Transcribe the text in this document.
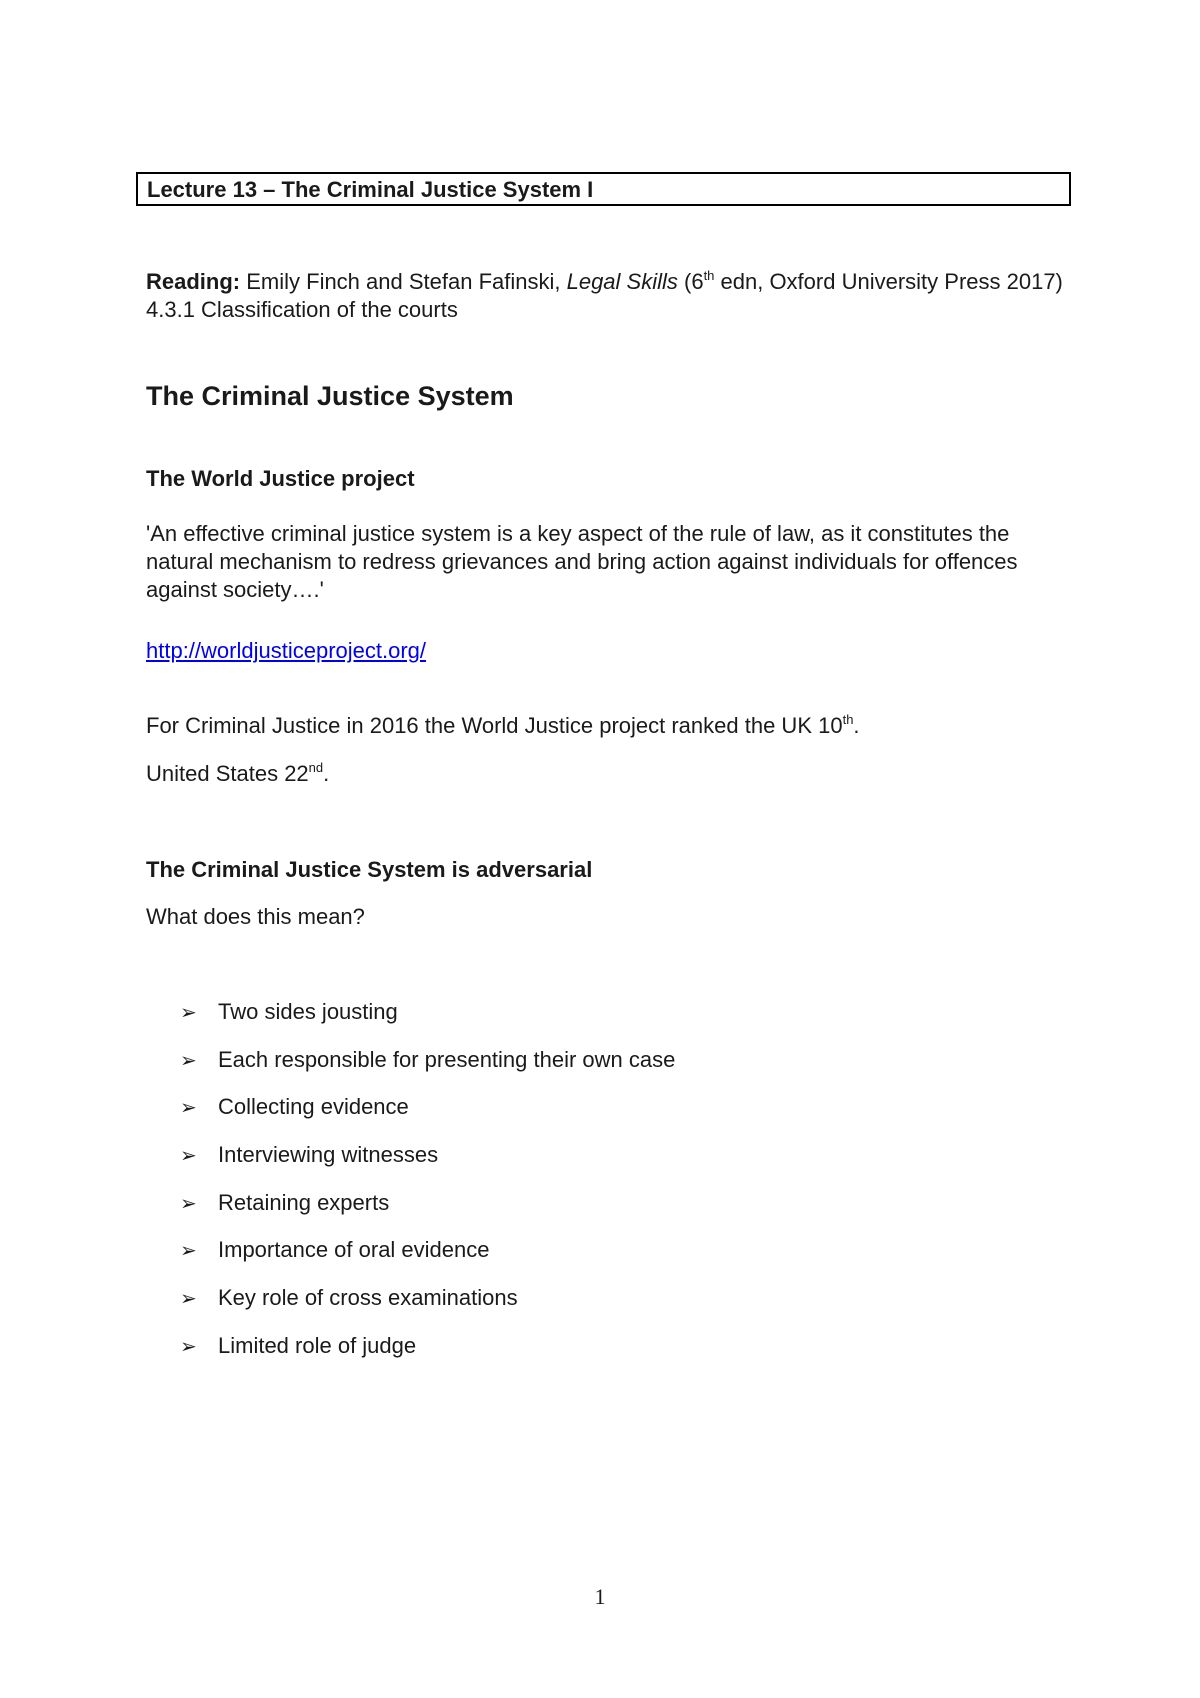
Lecture 13 – The Criminal Justice System I
Reading: Emily Finch and Stefan Fafinski, Legal Skills (6th edn, Oxford University Press 2017) 4.3.1 Classification of the courts
The Criminal Justice System
The World Justice project
'An effective criminal justice system is a key aspect of the rule of law, as it constitutes the natural mechanism to redress grievances and bring action against individuals for offences against society….'
http://worldjusticeproject.org/
For Criminal Justice in 2016 the World Justice project ranked the UK 10th.
United States 22nd.
The Criminal Justice System is adversarial
What does this mean?
➢ Two sides jousting
➢ Each responsible for presenting their own case
➢ Collecting evidence
➢ Interviewing witnesses
➢ Retaining experts
➢ Importance of oral evidence
➢ Key role of cross examinations
➢ Limited role of judge
1
